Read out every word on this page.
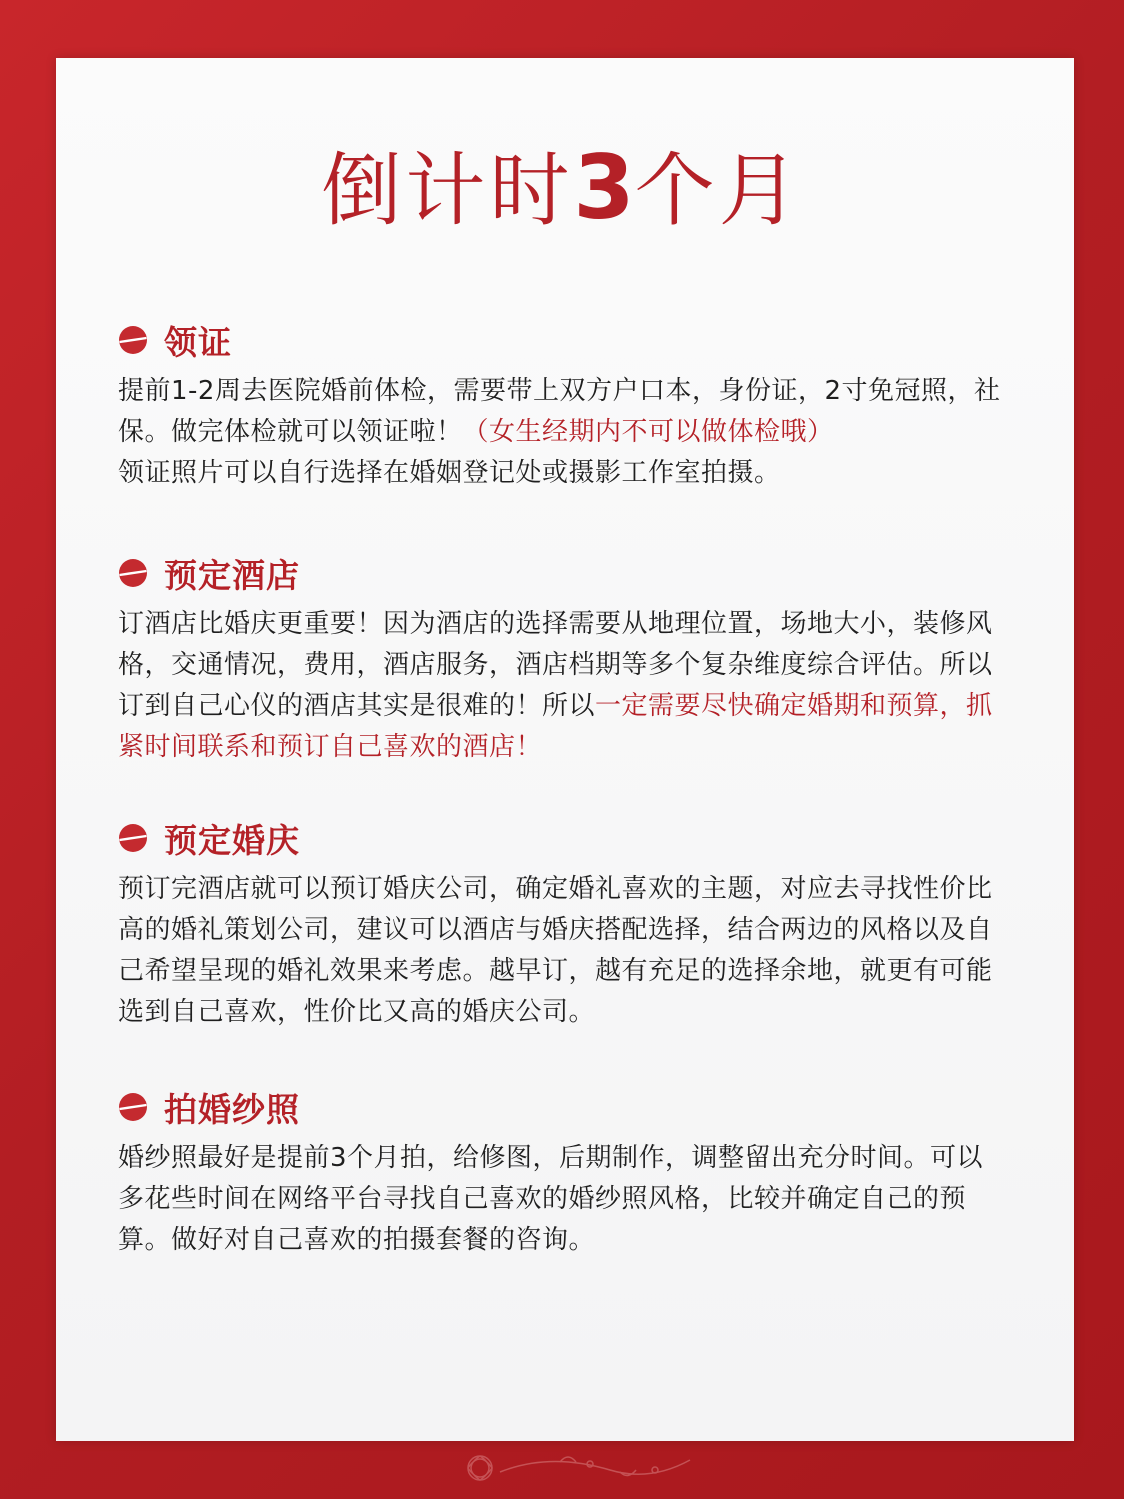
倒计时3个月
领证
提前1-2周去医院婚前体检，需要带上双方户口本，身份证，2寸免冠照，社保。做完体检就可以领证啦！（女生经期内不可以做体检哦）
领证照片可以自行选择在婚姻登记处或摄影工作室拍摄。
预定酒店
订酒店比婚庆更重要！因为酒店的选择需要从地理位置，场地大小，装修风格，交通情况，费用，酒店服务，酒店档期等多个复杂维度综合评估。所以订到自己心仪的酒店其实是很难的！所以一定需要尽快确定婚期和预算，抓紧时间联系和预订自己喜欢的酒店！
预定婚庆
预订完酒店就可以预订婚庆公司，确定婚礼喜欢的主题，对应去寻找性价比高的婚礼策划公司，建议可以酒店与婚庆搭配选择，结合两边的风格以及自己希望呈现的婚礼效果来考虑。越早订，越有充足的选择余地，就更有可能选到自己喜欢，性价比又高的婚庆公司。
拍婚纱照
婚纱照最好是提前3个月拍，给修图，后期制作，调整留出充分时间。可以多花些时间在网络平台寻找自己喜欢的婚纱照风格，比较并确定自己的预算。做好对自己喜欢的拍摄套餐的咨询。
